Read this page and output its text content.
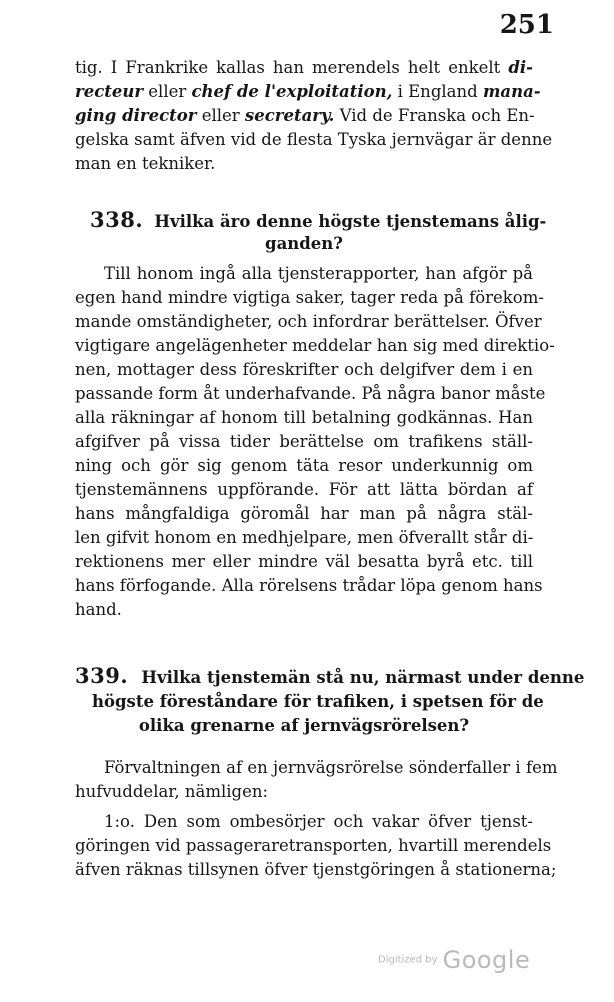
251
tig. I Frankrike kallas han merendels helt enkelt di-
recteur eller chef de l'exploitation, i England mana-
ging director eller secretary. Vid de Franska och En-
gelska samt äfven vid de flesta Tyska jernvägar är denne
man en tekniker.
338. Hvilka äro denne högste tjenstemans ålig-
ganden?
Till honom ingå alla tjensterapporter, han afgör på
egen hand mindre vigtiga saker, tager reda på förekom-
mande omständigheter, och infordrar berättelser. Öfver
vigtigare angelägenheter meddelar han sig med direktio-
nen, mottager dess föreskrifter och delgifver dem i en
passande form åt underhafvande. På några banor måste
alla räkningar af honom till betalning godkännas. Han
afgifver på vissa tider berättelse om trafikens ställ-
ning och gör sig genom täta resor underkunnig om
tjenstemännens uppförande. För att lätta bördan af
hans mångfaldiga göromål har man på några stäl-
len gifvit honom en medhjelpare, men öfverallt står di-
rektionens mer eller mindre väl besatta byrå etc. till
hans förfogande. Alla rörelsens trådar löpa genom hans
hand.
339. Hvilka tjenstemän stå nu, närmast under denne
högste föreståndare för trafiken, i spetsen för de
olika grenarne af jernvägsrörelsen?
Förvaltningen af en jernvägsrörelse sönderfaller i fem
hufvuddelar, nämligen:
1:o. Den som ombesörjer och vakar öfver tjenst-
göringen vid passageraretransporten, hvartill merendels
äfven räknas tillsynen öfver tjenstgöringen å stationerna;
Digitized by Google
